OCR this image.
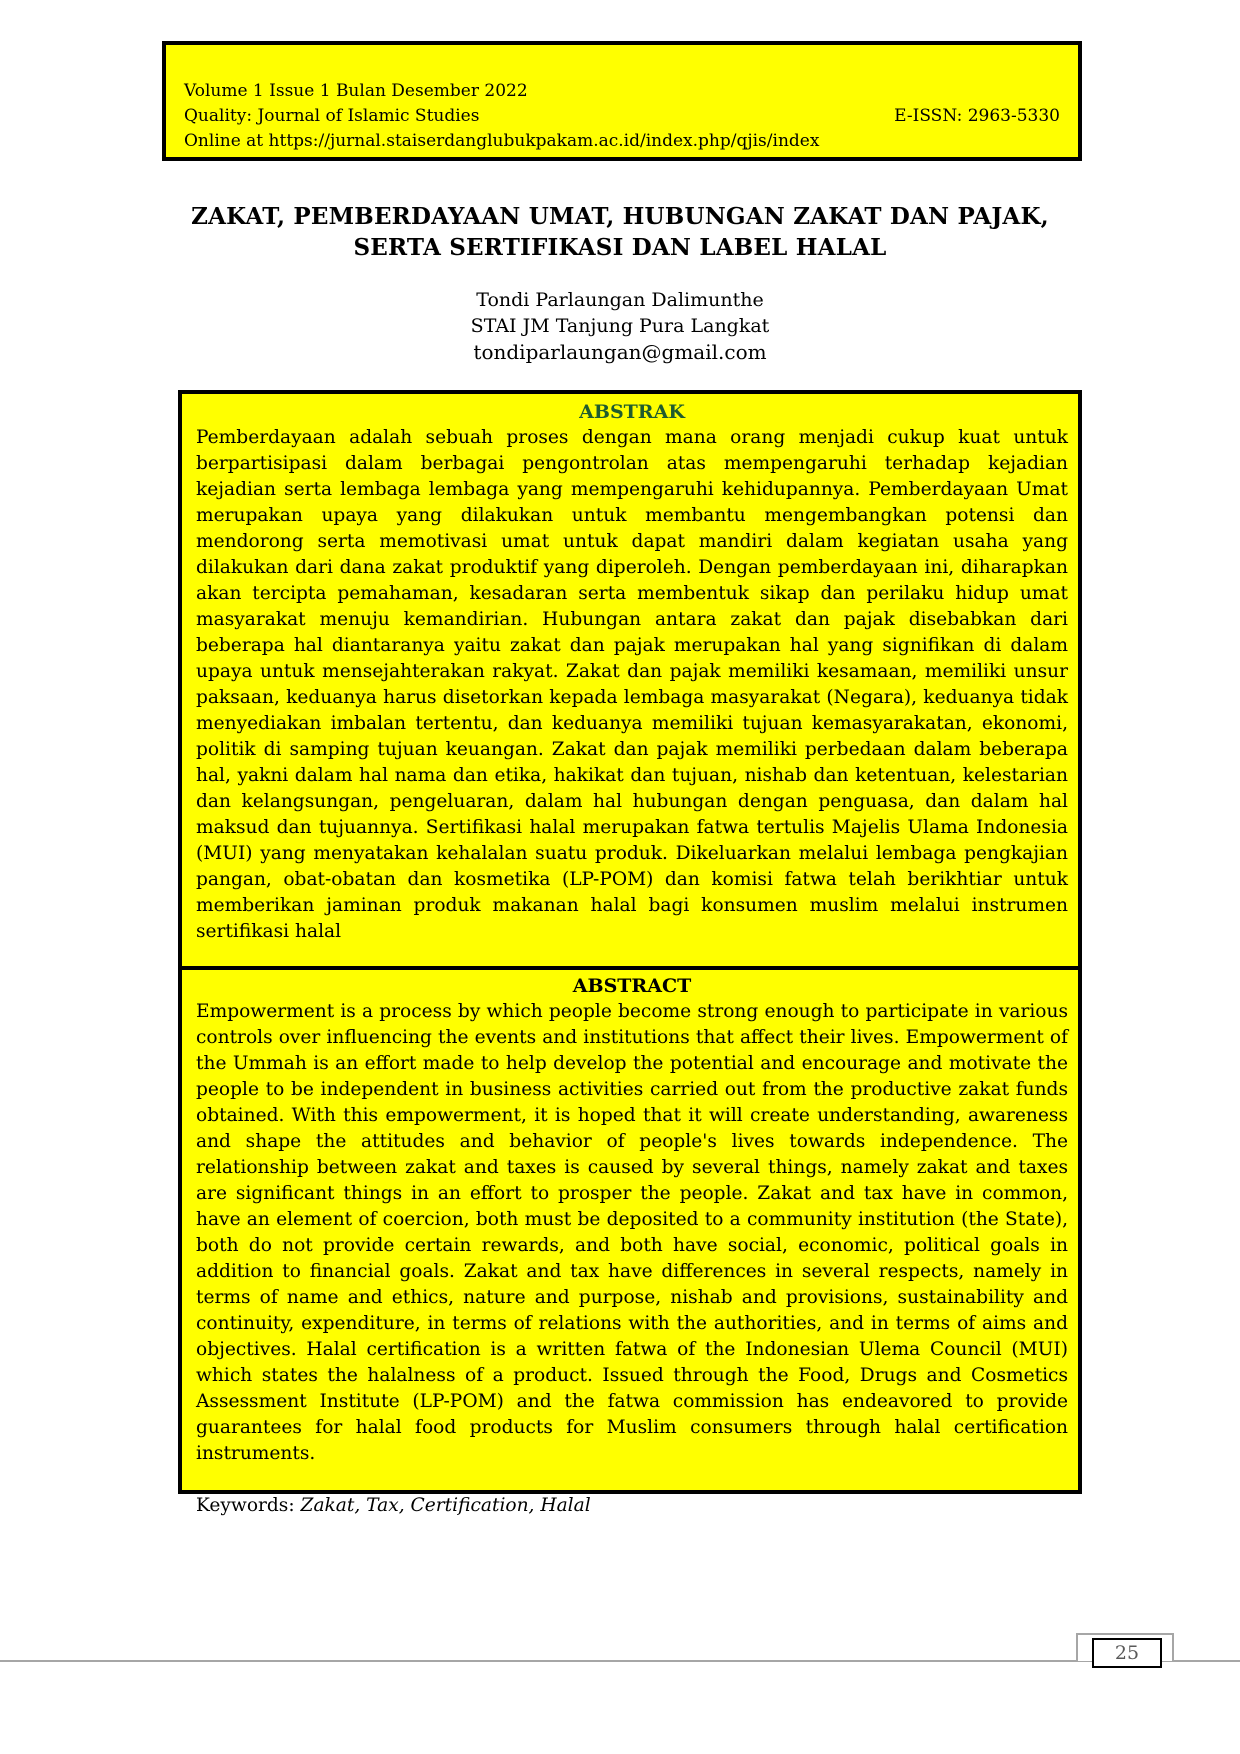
Volume 1 Issue 1 Bulan Desember 2022
Quality: Journal of Islamic Studies	E-ISSN: 2963-5330
Online at https://jurnal.staiserdanglubukpakam.ac.id/index.php/qjis/index
ZAKAT, PEMBERDAYAAN UMAT, HUBUNGAN ZAKAT DAN PAJAK,
SERTA SERTIFIKASI DAN LABEL HALAL
Tondi Parlaungan Dalimunthe
STAI JM Tanjung Pura Langkat
tondiparlaungan@gmail.com
ABSTRAK
Pemberdayaan adalah sebuah proses dengan mana orang menjadi cukup kuat untuk berpartisipasi dalam berbagai pengontrolan atas mempengaruhi terhadap kejadian kejadian serta lembaga lembaga yang mempengaruhi kehidupannya. Pemberdayaan Umat merupakan upaya yang dilakukan untuk membantu mengembangkan potensi dan mendorong serta memotivasi umat untuk dapat mandiri dalam kegiatan usaha yang dilakukan dari dana zakat produktif yang diperoleh. Dengan pemberdayaan ini, diharapkan akan tercipta pemahaman, kesadaran serta membentuk sikap dan perilaku hidup umat masyarakat menuju kemandirian. Hubungan antara zakat dan pajak disebabkan dari beberapa hal diantaranya yaitu zakat dan pajak merupakan hal yang signifikan di dalam upaya untuk mensejahterakan rakyat. Zakat dan pajak memiliki kesamaan, memiliki unsur paksaan, keduanya harus disetorkan kepada lembaga masyarakat (Negara), keduanya tidak menyediakan imbalan tertentu, dan keduanya memiliki tujuan kemasyarakatan, ekonomi, politik di samping tujuan keuangan. Zakat dan pajak memiliki perbedaan dalam beberapa hal, yakni dalam hal nama dan etika, hakikat dan tujuan, nishab dan ketentuan, kelestarian dan kelangsungan, pengeluaran, dalam hal hubungan dengan penguasa, dan dalam hal maksud dan tujuannya. Sertifikasi halal merupakan fatwa tertulis Majelis Ulama Indonesia (MUI) yang menyatakan kehalalan suatu produk. Dikeluarkan melalui lembaga pengkajian pangan, obat-obatan dan kosmetika (LP-POM) dan komisi fatwa telah berikhtiar untuk memberikan jaminan produk makanan halal bagi konsumen muslim melalui instrumen sertifikasi halal
ABSTRACT
Empowerment is a process by which people become strong enough to participate in various controls over influencing the events and institutions that affect their lives. Empowerment of the Ummah is an effort made to help develop the potential and encourage and motivate the people to be independent in business activities carried out from the productive zakat funds obtained. With this empowerment, it is hoped that it will create understanding, awareness and shape the attitudes and behavior of people's lives towards independence. The relationship between zakat and taxes is caused by several things, namely zakat and taxes are significant things in an effort to prosper the people. Zakat and tax have in common, have an element of coercion, both must be deposited to a community institution (the State), both do not provide certain rewards, and both have social, economic, political goals in addition to financial goals. Zakat and tax have differences in several respects, namely in terms of name and ethics, nature and purpose, nishab and provisions, sustainability and continuity, expenditure, in terms of relations with the authorities, and in terms of aims and objectives. Halal certification is a written fatwa of the Indonesian Ulema Council (MUI) which states the halalness of a product. Issued through the Food, Drugs and Cosmetics Assessment Institute (LP-POM) and the fatwa commission has endeavored to provide guarantees for halal food products for Muslim consumers through halal certification instruments.
Keywords: Zakat, Tax, Certification, Halal
25
